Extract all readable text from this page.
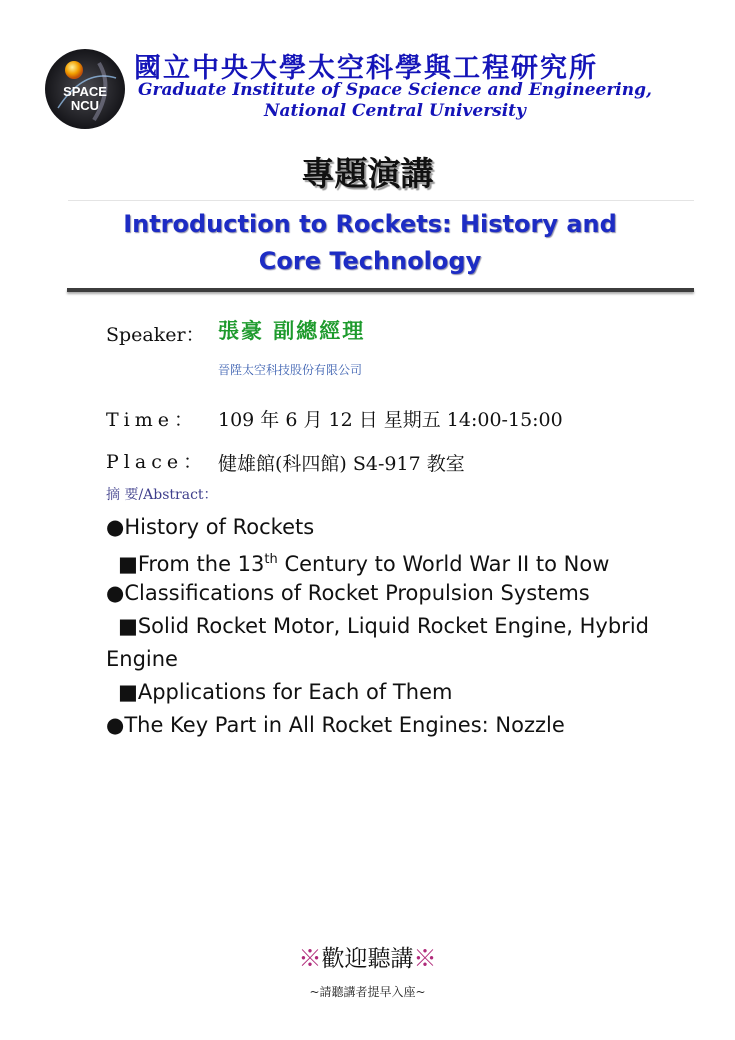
SPACE
NCU
國立中央大學太空科學與工程研究所
Graduate Institute of Space Science and Engineering,
National Central University
專題演講
Introduction to Rockets: History and Core Technology
Speaker： 張豪 副總經理
晉陞太空科技股份有限公司
Time： 109 年 6 月 12 日 星期五 14:00-15:00
Place： 健雄館(科四館) S4-917 教室
摘 要/Abstract：
●History of Rockets
■From the 13th Century to World War II to Now
●Classifications of Rocket Propulsion Systems
■Solid Rocket Motor, Liquid Rocket Engine, Hybrid
Engine
■Applications for Each of Them
●The Key Part in All Rocket Engines: Nozzle
※歡迎聽講※
~請聽講者提早入座~
